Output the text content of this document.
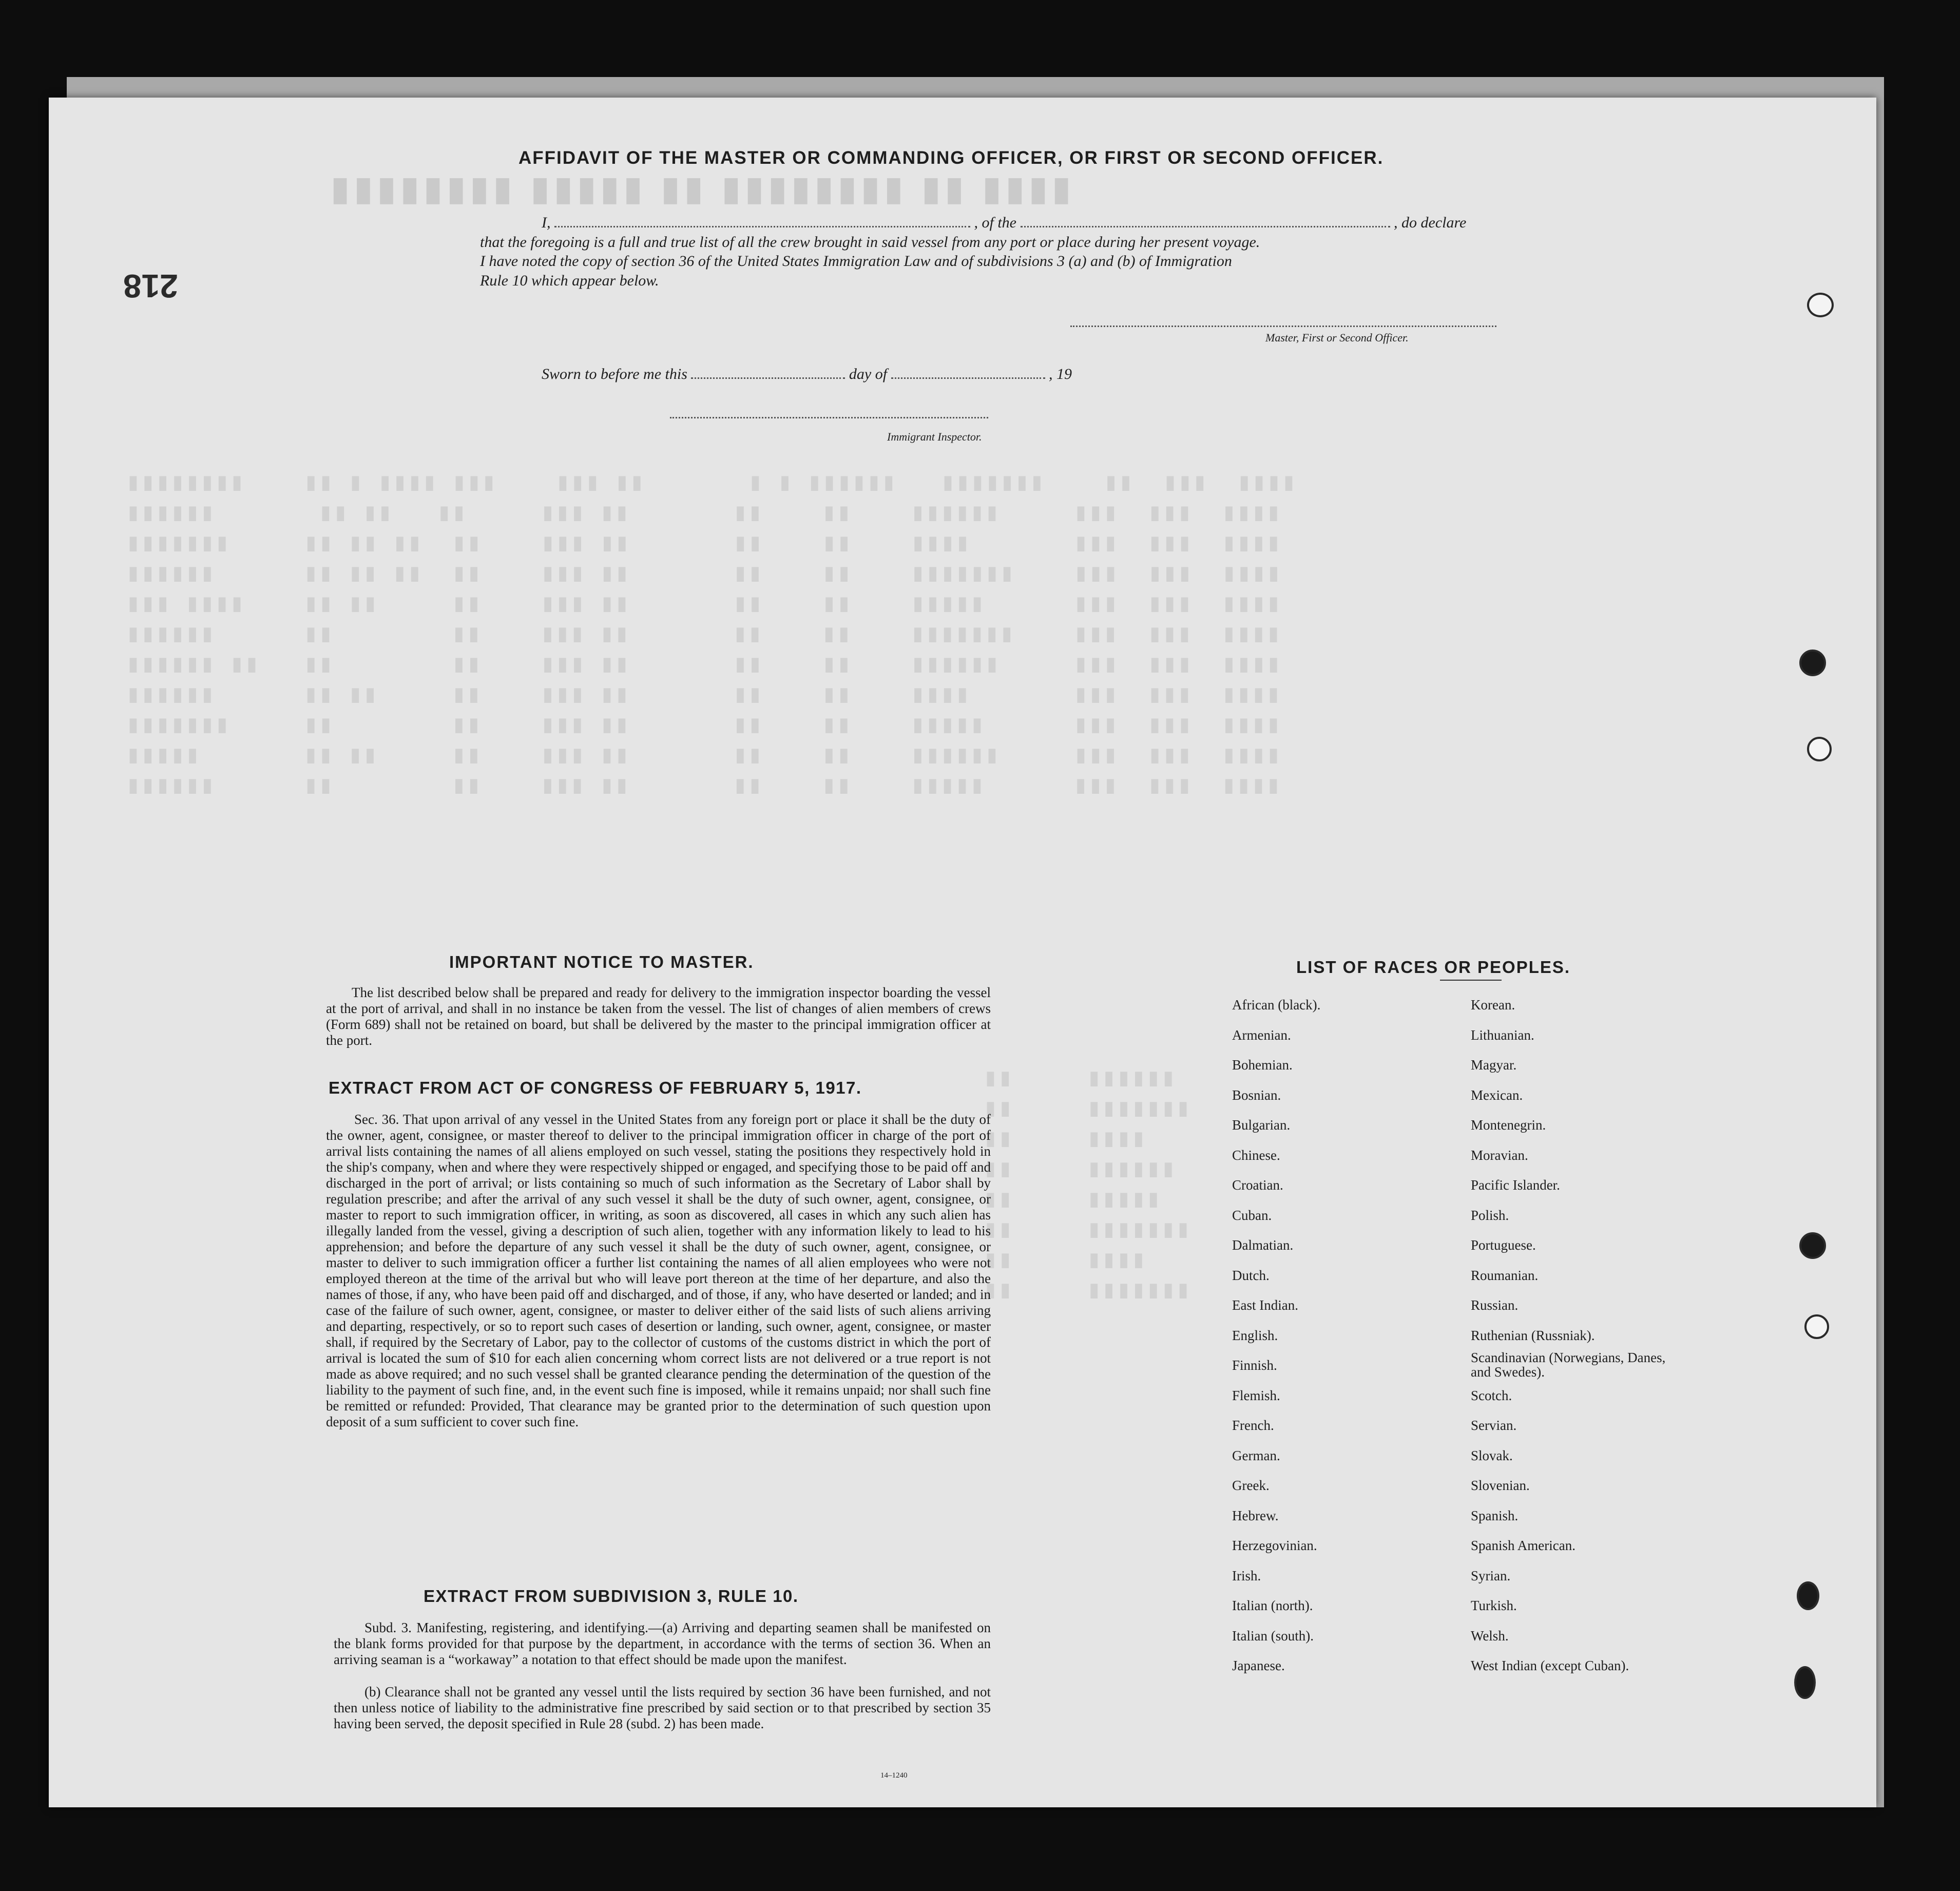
▮▮▮▮ ▮▮ ▮▮▮▮▮▮▮▮ ▮▮ ▮▮▮▮▮ ▮▮▮▮▮▮▮▮
▮▮▮▮▮▮▮▮    ▮▮ ▮ ▮▮▮▮ ▮▮▮    ▮▮▮ ▮▮       ▮ ▮ ▮▮▮▮▮▮   ▮▮▮▮▮▮▮    ▮▮  ▮▮▮  ▮▮▮▮
▮▮▮▮▮▮       ▮▮ ▮▮   ▮▮     ▮▮▮ ▮▮       ▮▮    ▮▮    ▮▮▮▮▮▮     ▮▮▮  ▮▮▮  ▮▮▮▮
▮▮▮▮▮▮▮     ▮▮ ▮▮ ▮▮  ▮▮    ▮▮▮ ▮▮       ▮▮    ▮▮    ▮▮▮▮       ▮▮▮  ▮▮▮  ▮▮▮▮
▮▮▮▮▮▮      ▮▮ ▮▮ ▮▮  ▮▮    ▮▮▮ ▮▮       ▮▮    ▮▮    ▮▮▮▮▮▮▮    ▮▮▮  ▮▮▮  ▮▮▮▮
▮▮▮ ▮▮▮▮    ▮▮ ▮▮     ▮▮    ▮▮▮ ▮▮       ▮▮    ▮▮    ▮▮▮▮▮      ▮▮▮  ▮▮▮  ▮▮▮▮
▮▮▮▮▮▮      ▮▮        ▮▮    ▮▮▮ ▮▮       ▮▮    ▮▮    ▮▮▮▮▮▮▮    ▮▮▮  ▮▮▮  ▮▮▮▮
▮▮▮▮▮▮ ▮▮   ▮▮        ▮▮    ▮▮▮ ▮▮       ▮▮    ▮▮    ▮▮▮▮▮▮     ▮▮▮  ▮▮▮  ▮▮▮▮
▮▮▮▮▮▮      ▮▮ ▮▮     ▮▮    ▮▮▮ ▮▮       ▮▮    ▮▮    ▮▮▮▮       ▮▮▮  ▮▮▮  ▮▮▮▮
▮▮▮▮▮▮▮     ▮▮        ▮▮    ▮▮▮ ▮▮       ▮▮    ▮▮    ▮▮▮▮▮      ▮▮▮  ▮▮▮  ▮▮▮▮
▮▮▮▮▮       ▮▮ ▮▮     ▮▮    ▮▮▮ ▮▮       ▮▮    ▮▮    ▮▮▮▮▮▮     ▮▮▮  ▮▮▮  ▮▮▮▮
▮▮▮▮▮▮      ▮▮        ▮▮    ▮▮▮ ▮▮       ▮▮    ▮▮    ▮▮▮▮▮      ▮▮▮  ▮▮▮  ▮▮▮▮
▮▮     ▮▮▮▮▮▮
▮▮     ▮▮▮▮▮▮▮
▮▮     ▮▮▮▮
▮▮     ▮▮▮▮▮▮
▮▮     ▮▮▮▮▮
▮▮     ▮▮▮▮▮▮▮
▮▮     ▮▮▮▮
▮▮     ▮▮▮▮▮▮▮
218
AFFIDAVIT OF THE MASTER OR COMMANDING OFFICER, OR FIRST OR SECOND OFFICER.
I,	, of the	, do declare
that the foregoing is a full and true list of all the crew brought in said vessel from any port or place during her present voyage.
I have noted the copy of section 36 of the United States Immigration Law and of subdivisions 3 (a) and (b) of Immigration
Rule 10 which appear below.
Master, First or Second Officer.
Sworn to before me this	day of	, 19
Immigrant Inspector.
IMPORTANT NOTICE TO MASTER.
The list described below shall be prepared and ready for delivery to the immigration inspector boarding the vessel at the port of arrival, and shall in no instance be taken from the vessel. The list of changes of alien members of crews (Form 689) shall not be retained on board, but shall be delivered by the master to the principal immigration officer at the port.
EXTRACT FROM ACT OF CONGRESS OF FEBRUARY 5, 1917.
Sec. 36. That upon arrival of any vessel in the United States from any foreign port or place it shall be the duty of the owner, agent, consignee, or master thereof to deliver to the principal immigration officer in charge of the port of arrival lists containing the names of all aliens employed on such vessel, stating the positions they respectively hold in the ship's company, when and where they were respectively shipped or engaged, and specifying those to be paid off and discharged in the port of arrival; or lists containing so much of such information as the Secretary of Labor shall by regulation prescribe; and after the arrival of any such vessel it shall be the duty of such owner, agent, consignee, or master to report to such immigration officer, in writing, as soon as discovered, all cases in which any such alien has illegally landed from the vessel, giving a description of such alien, together with any information likely to lead to his apprehension; and before the departure of any such vessel it shall be the duty of such owner, agent, consignee, or master to deliver to such immigration officer a further list containing the names of all alien employees who were not employed thereon at the time of the arrival but who will leave port thereon at the time of her departure, and also the names of those, if any, who have been paid off and discharged, and of those, if any, who have deserted or landed; and in case of the failure of such owner, agent, consignee, or master to deliver either of the said lists of such aliens arriving and departing, respectively, or so to report such cases of desertion or landing, such owner, agent, consignee, or master shall, if required by the Secretary of Labor, pay to the collector of customs of the customs district in which the port of arrival is located the sum of $10 for each alien concerning whom correct lists are not delivered or a true report is not made as above required; and no such vessel shall be granted clearance pending the determination of the question of the liability to the payment of such fine, and, in the event such fine is imposed, while it remains unpaid; nor shall such fine be remitted or refunded: Provided, That clearance may be granted prior to the determination of such question upon deposit of a sum sufficient to cover such fine.
EXTRACT FROM SUBDIVISION 3, RULE 10.
Subd. 3. Manifesting, registering, and identifying.—(a) Arriving and departing seamen shall be manifested on the blank forms provided for that purpose by the department, in accordance with the terms of section 36. When an arriving seaman is a “workaway” a notation to that effect should be made upon the manifest.
(b) Clearance shall not be granted any vessel until the lists required by section 36 have been furnished, and not then unless notice of liability to the administrative fine prescribed by said section or to that prescribed by section 35 having been served, the deposit specified in Rule 28 (subd. 2) has been made.
14–1240
LIST OF RACES OR PEOPLES.
African (black).
Armenian.
Bohemian.
Bosnian.
Bulgarian.
Chinese.
Croatian.
Cuban.
Dalmatian.
Dutch.
East Indian.
English.
Finnish.
Flemish.
French.
German.
Greek.
Hebrew.
Herzegovinian.
Irish.
Italian (north).
Italian (south).
Japanese.
Korean.
Lithuanian.
Magyar.
Mexican.
Montenegrin.
Moravian.
Pacific Islander.
Polish.
Portuguese.
Roumanian.
Russian.
Ruthenian (Russniak).
Scandinavian (Norwegians, Danes, and Swedes).
Scotch.
Servian.
Slovak.
Slovenian.
Spanish.
Spanish American.
Syrian.
Turkish.
Welsh.
West Indian (except Cuban).
